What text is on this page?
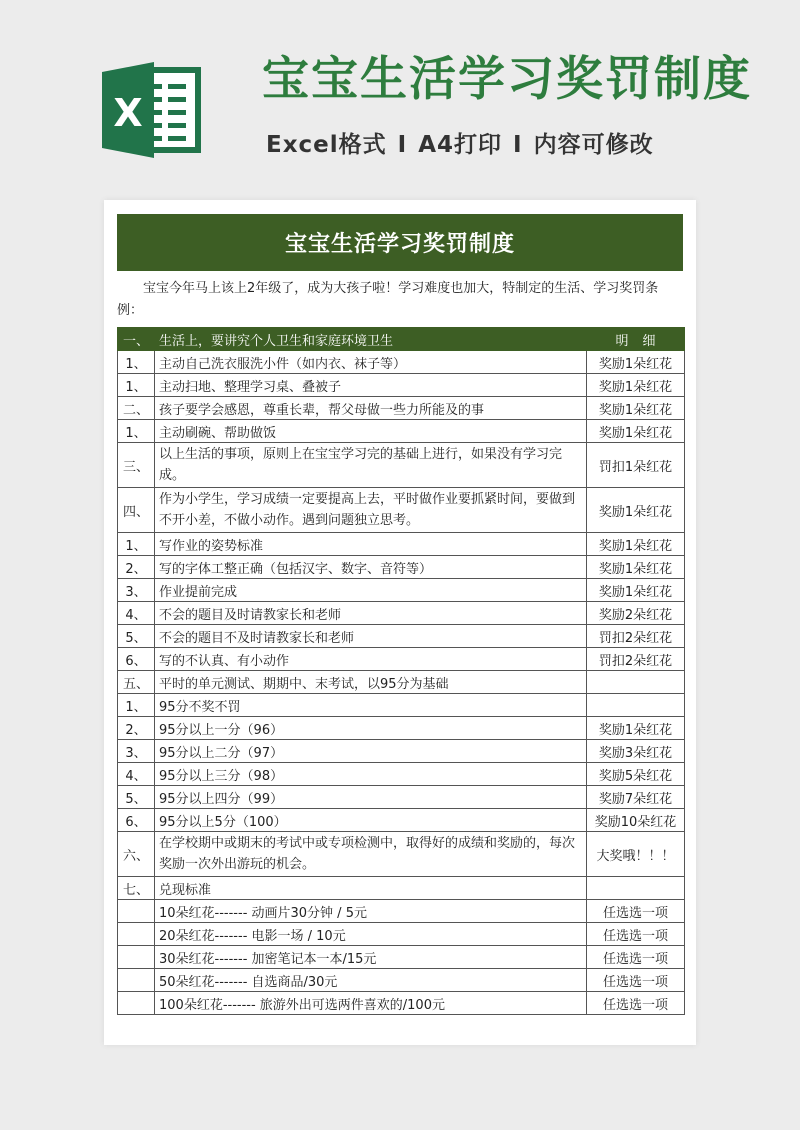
X
宝宝生活学习奖罚制度
Excel格式 I A4打印 I 内容可修改
宝宝生活学习奖罚制度
宝宝今年马上该上2年级了，成为大孩子啦！学习难度也加大，特制定的生活、学习奖罚条例：
一、	生活上，要讲究个人卫生和家庭环境卫生	明细
1、	主动自己洗衣服洗小件（如内衣、袜子等）	奖励1朵红花
1、	主动扫地、整理学习桌、叠被子	奖励1朵红花
二、	孩子要学会感恩，尊重长辈，帮父母做一些力所能及的事	奖励1朵红花
1、	主动刷碗、帮助做饭	奖励1朵红花
三、	以上生活的事项，原则上在宝宝学习完的基础上进行，如果没有学习完成。	罚扣1朵红花
四、	作为小学生，学习成绩一定要提高上去，平时做作业要抓紧时间，要做到不开小差，不做小动作。遇到问题独立思考。	奖励1朵红花
1、	写作业的姿势标准	奖励1朵红花
2、	写的字体工整正确（包括汉字、数字、音符等）	奖励1朵红花
3、	作业提前完成	奖励1朵红花
4、	不会的题目及时请教家长和老师	奖励2朵红花
5、	不会的题目不及时请教家长和老师	罚扣2朵红花
6、	写的不认真、有小动作	罚扣2朵红花
五、	平时的单元测试、期期中、末考试，以95分为基础	
1、	95分不奖不罚	
2、	95分以上一分（96）	奖励1朵红花
3、	95分以上二分（97）	奖励3朵红花
4、	95分以上三分（98）	奖励5朵红花
5、	95分以上四分（99）	奖励7朵红花
6、	95分以上5分（100）	奖励10朵红花
六、	在学校期中或期末的考试中或专项检测中，取得好的成绩和奖励的，每次奖励一次外出游玩的机会。	大奖哦！！！
七、	兑现标准	
	10朵红花------- 动画片30分钟 / 5元	任选选一项
	20朵红花------- 电影一场 / 10元	任选选一项
	30朵红花------- 加密笔记本一本/15元	任选选一项
	50朵红花------- 自选商品/30元	任选选一项
	100朵红花------- 旅游外出可选两件喜欢的/100元	任选选一项
